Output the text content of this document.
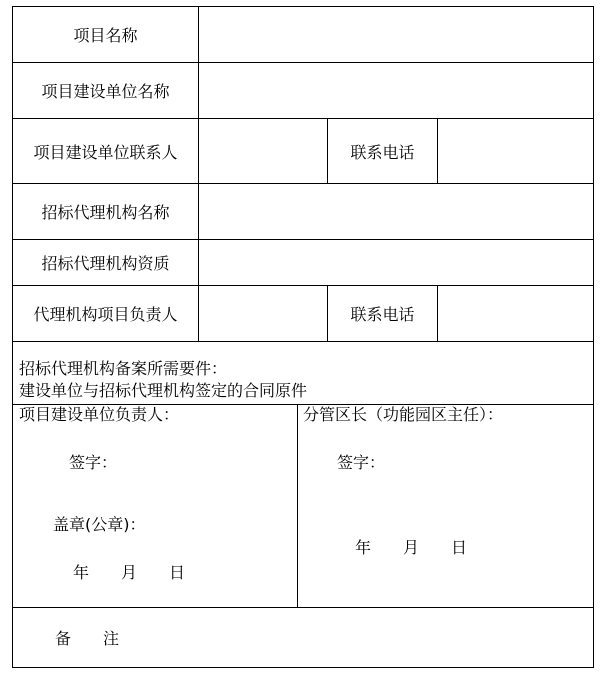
项目名称
项目建设单位名称
项目建设单位联系人	联系电话
招标代理机构名称
招标代理机构资质
代理机构项目负责人	联系电话
招标代理机构备案所需要件：
建设单位与招标代理机构签定的合同原件
项目建设单位负责人：
签字：
盖章(公章)：
年　　月　　日
分管区长（功能园区主任）：
签字：
年　　月　　日
备　　注
